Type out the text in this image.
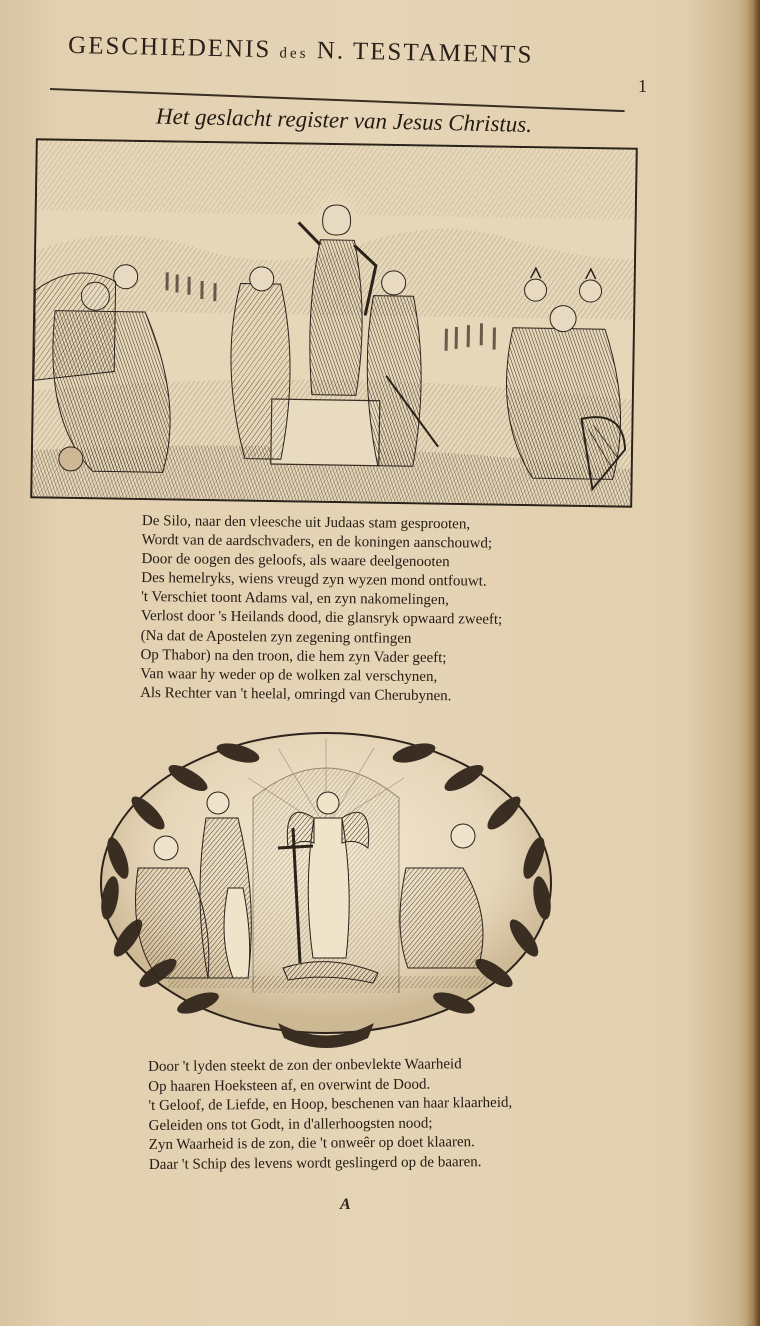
GESCHIEDENIS des N. TESTAMENTS
1
Het geslacht register van Jesus Christus.
De Silo, naar den vleesche uit Judaas stam gesprooten,
Wordt van de aardschvaders, en de koningen aanschouwd;
Door de oogen des geloofs, als waare deelgenooten
Des hemelryks, wiens vreugd zyn wyzen mond ontfouwt.
't Verschiet toont Adams val, en zyn nakomelingen,
Verlost door 's Heilands dood, die glansryk opwaard zweeft;
(Na dat de Apostelen zyn zegening ontfingen
Op Thabor) na den troon, die hem zyn Vader geeft;
Van waar hy weder op de wolken zal verschynen,
Als Rechter van 't heelal, omringd van Cherubynen.
Door 't lyden steekt de zon der onbevlekte Waarheid
Op haaren Hoeksteen af, en overwint de Dood.
't Geloof, de Liefde, en Hoop, beschenen van haar klaarheid,
Geleiden ons tot Godt, in d'allerhoogsten nood;
Zyn Waarheid is de zon, die 't onweêr op doet klaaren.
Daar 't Schip des levens wordt geslingerd op de baaren.
A
